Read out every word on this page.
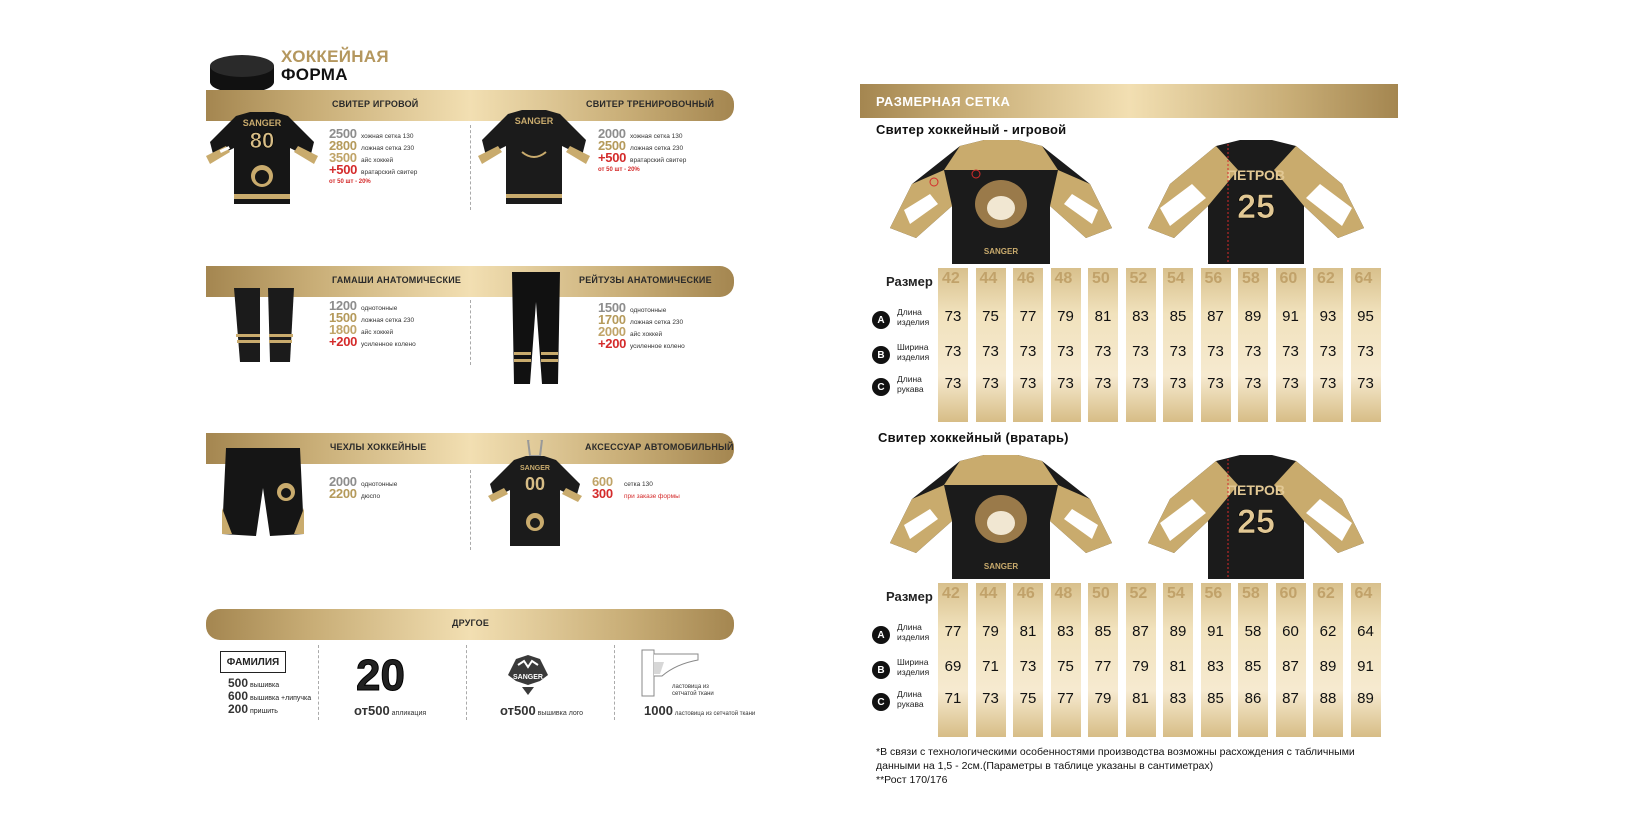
ХОККЕЙНАЯ
ФОРМА
СВИТЕР ИГРОВОЙ	СВИТЕР ТРЕНИРОВОЧНЫЙ
SANGER
80	2500 хожная сетка 130
2800 ложная сетка 230
3500 айс хоккей
+500 вратарский свитер
от 50 шт - 20%
SANGER
2000 хожная сетка 130
2500 ложная сетка 230
+500 вратарский свитер
от 50 шт - 20%
ГАМАШИ АНАТОМИЧЕСКИЕ	РЕЙТУЗЫ АНАТОМИЧЕСКИЕ
1200 однотонные
1500 ложная сетка 230
1800 айс хоккей
+200 усиленное колено
1500 однотонные
1700 ложная сетка 230
2000 айс хоккей
+200 усиленное колено
ЧЕХЛЫ ХОККЕЙНЫЕ	АКСЕССУАР АВТОМОБИЛЬНЫЙ
2000 однотонные
2200 дюспо
SANGER
00	600	сетка 130
300	при заказе формы
ДРУГОЕ
ФАМИЛИЯ
500 вышивка
600 вышивка +липучка
200 пришить
20
от500 апликация
SANGER
от500 вышивка лого
ластовица из сетчатой ткани
1000 ластовица из сетчатой ткани
РАЗМЕРНАЯ СЕТКА
Свитер хоккейный - игровой
SANGER
ПЕТРОВ
25
Размер 42 44 46 48 50 52 54 56 58 60 62 64
A
Длина изделия	73	75	77	79	81	83	85	87	89	91	93	95
B
Ширина изделия	73	73	73	73	73	73	73	73	73	73	73	73
C
Длина рукава	73	73	73	73	73	73	73	73	73	73	73	73
Свитер хоккейный (вратарь)
SANGER
ПЕТРОВ
25
Размер 42 44 46 48 50 52 54 56 58 60 62 64
A
Длина изделия	77	79	81	83	85	87	89	91	58	60	62	64
B
Ширина изделия	69	71	73	75	77	79	81	83	85	87	89	91
C
Длина рукава	71	73	75	77	79	81	83	85	86	87	88	89
*В связи с технологическими особенностями производства возможны расхождения с табличными данными на 1,5 - 2см.(Параметры в таблице указаны в сантиметрах)
**Рост 170/176
